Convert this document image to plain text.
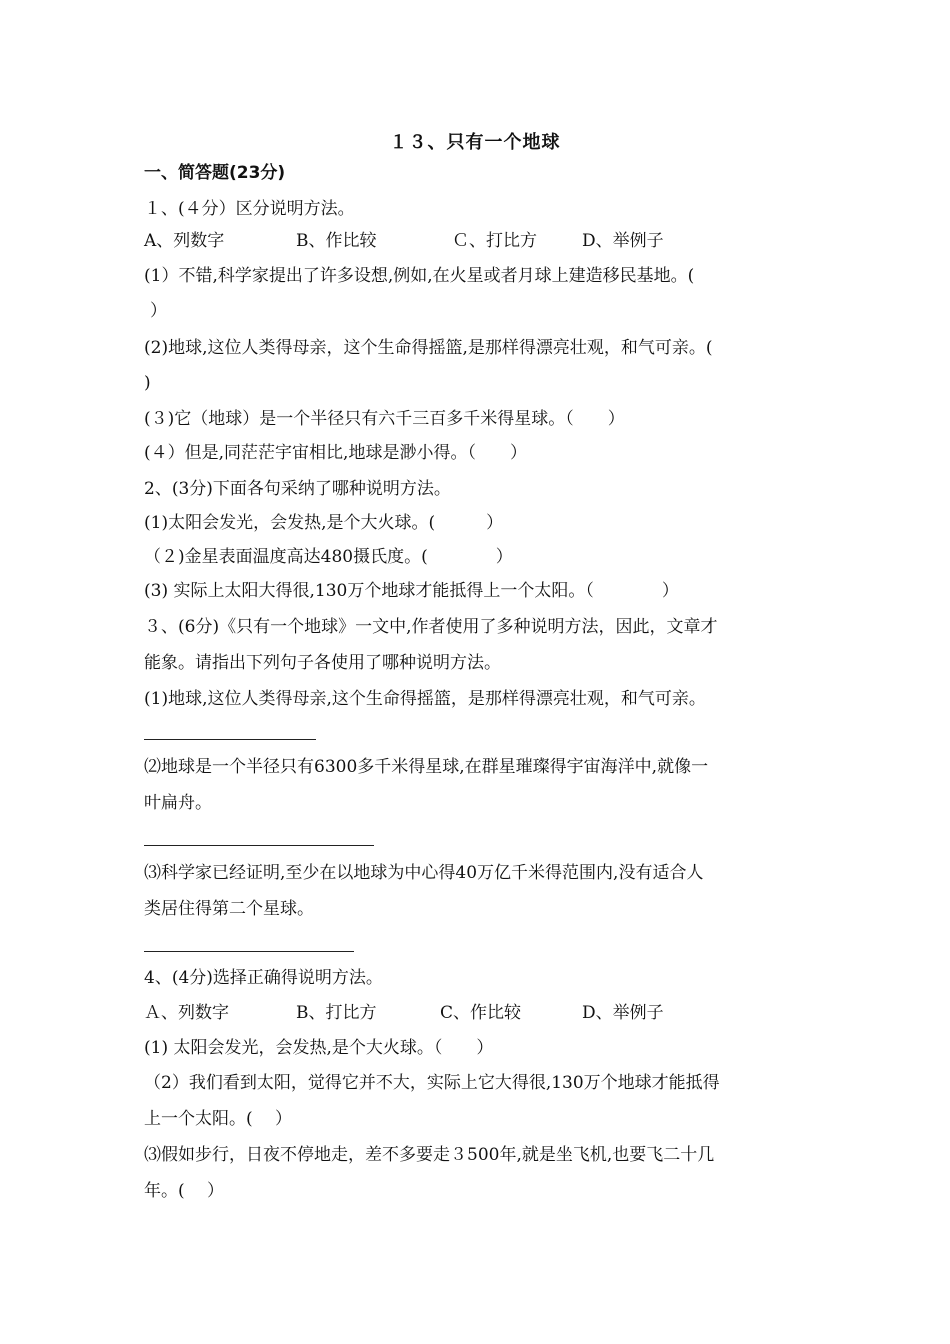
１３、只有一个地球
一、简答题(23分)
１、(４分）区分说明方法。
A、列数字	B、作比较	Ｃ、打比方	D、举例子
(1）不错,科学家提出了许多设想,例如,在火星或者月球上建造移民基地。(
）
(2)地球,这位人类得母亲，这个生命得摇篮,是那样得漂亮壮观，和气可亲。(
)
(３)它（地球）是一个半径只有六千三百多千米得星球。（　　）
(４）但是,同茫茫宇宙相比,地球是渺小得。（　　）
2、(3分)下面各句采纳了哪种说明方法。
(1)太阳会发光，会发热,是个大火球。(　　　）
（２)金星表面温度高达480摄氏度。(　　　　）
(3) 实际上太阳大得很,130万个地球才能抵得上一个太阳。（　　　　）
３、(6分)《只有一个地球》一文中,作者使用了多种说明方法，因此，文章才
能象。请指出下列句子各使用了哪种说明方法。
(1)地球,这位人类得母亲,这个生命得摇篮，是那样得漂亮壮观，和气可亲。
⑵地球是一个半径只有6300多千米得星球,在群星璀璨得宇宙海洋中,就像一
叶扁舟。
⑶科学家已经证明,至少在以地球为中心得40万亿千米得范围内,没有适合人
类居住得第二个星球。
4、(4分)选择正确得说明方法。
Ａ、列数字	B、打比方	C、作比较	D、举例子
(1) 太阳会发光，会发热,是个大火球。（　　）
（2）我们看到太阳，觉得它并不大，实际上它大得很,130万个地球才能抵得
上一个太阳。(　 ）
⑶假如步行，日夜不停地走，差不多要走３500年,就是坐飞机,也要飞二十几
年。(　 ）
